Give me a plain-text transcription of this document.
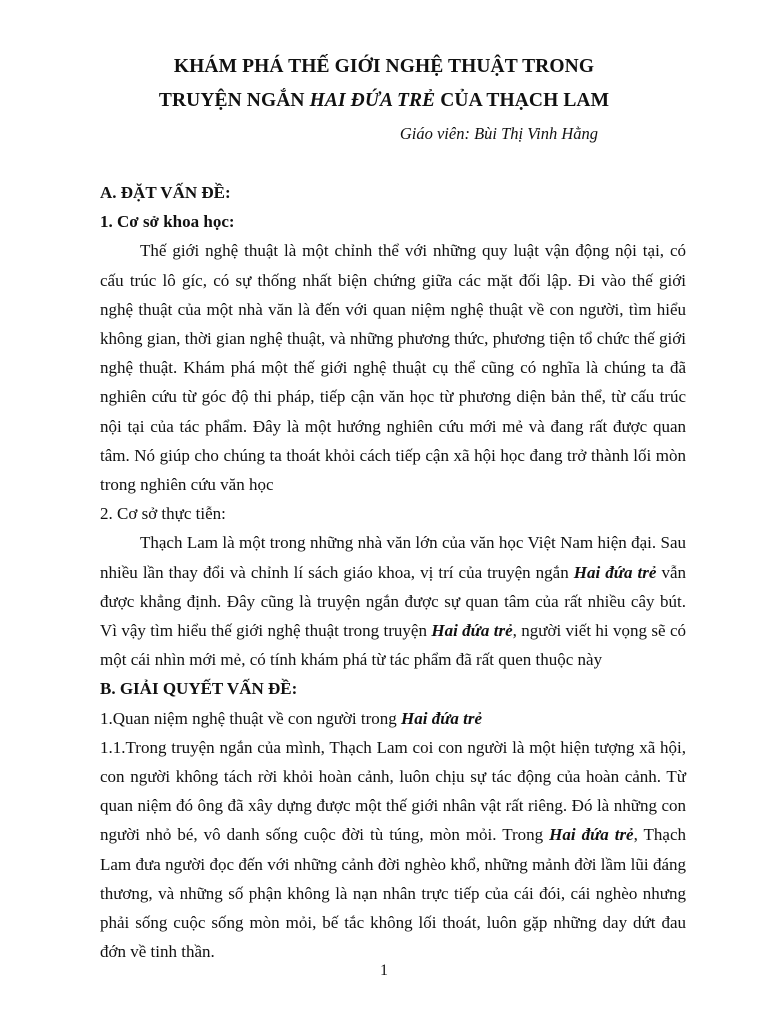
KHÁM PHÁ THẾ GIỚI NGHỆ THUẬT TRONG
TRUYỆN NGẮN HAI ĐỨA TRẺ CỦA THẠCH LAM
Giáo viên: Bùi Thị Vinh Hằng

A. ĐẶT VẤN ĐỀ:

1. Cơ sở khoa học:

Thế giới nghệ thuật là một chỉnh thể với những quy luật vận động nội tại, có cấu trúc lô gíc, có sự thống nhất biện chứng giữa các mặt đối lập. Đi vào thế giới nghệ thuật của một nhà văn là đến với quan niệm nghệ thuật về con người, tìm hiểu không gian, thời gian nghệ thuật, và những phương thức, phương tiện tổ chức thế giới nghệ thuật. Khám phá một thế giới nghệ thuật cụ thể cũng có nghĩa là chúng ta đã nghiên cứu từ góc độ thi pháp, tiếp cận văn học từ phương diện bản thể, từ cấu trúc nội tại của tác phẩm. Đây là một hướng nghiên cứu mới mẻ và đang rất được quan tâm. Nó giúp cho chúng ta thoát khỏi cách tiếp cận xã hội học đang trở thành lối mòn trong nghiên cứu văn học

2. Cơ sở thực tiễn:

Thạch Lam là một trong những nhà văn lớn của văn học Việt Nam hiện đại. Sau nhiều lần thay đổi và chỉnh lí sách giáo khoa, vị trí của truyện ngắn Hai đứa trẻ vẫn được khẳng định. Đây cũng là truyện ngắn được sự quan tâm của rất nhiều cây bút. Vì vậy tìm hiểu thế giới nghệ thuật trong truyện Hai đứa trẻ, người viết hi vọng sẽ có một cái nhìn mới mẻ, có tính khám phá từ tác phẩm đã rất quen thuộc này

B. GIẢI QUYẾT VẤN ĐỀ:

1.Quan niệm nghệ thuật về con người trong Hai đứa trẻ

1.1.Trong truyện ngắn của mình, Thạch Lam coi con người là một hiện tượng xã hội, con người không tách rời khỏi hoàn cảnh, luôn chịu sự tác động của hoàn cảnh. Từ quan niệm đó ông đã xây dựng được một thế giới nhân vật rất riêng. Đó là những con người nhỏ bé, vô danh sống cuộc đời tù túng, mòn mỏi. Trong Hai đứa trẻ, Thạch Lam đưa người đọc đến với những cảnh đời nghèo khổ, những mảnh đời lầm lũi đáng thương, và những số phận không là nạn nhân trực tiếp của cái đói, cái nghèo nhưng phải sống cuộc sống mòn mỏi, bế tắc không lối thoát, luôn gặp những day dứt đau đớn về tinh thần.

1
